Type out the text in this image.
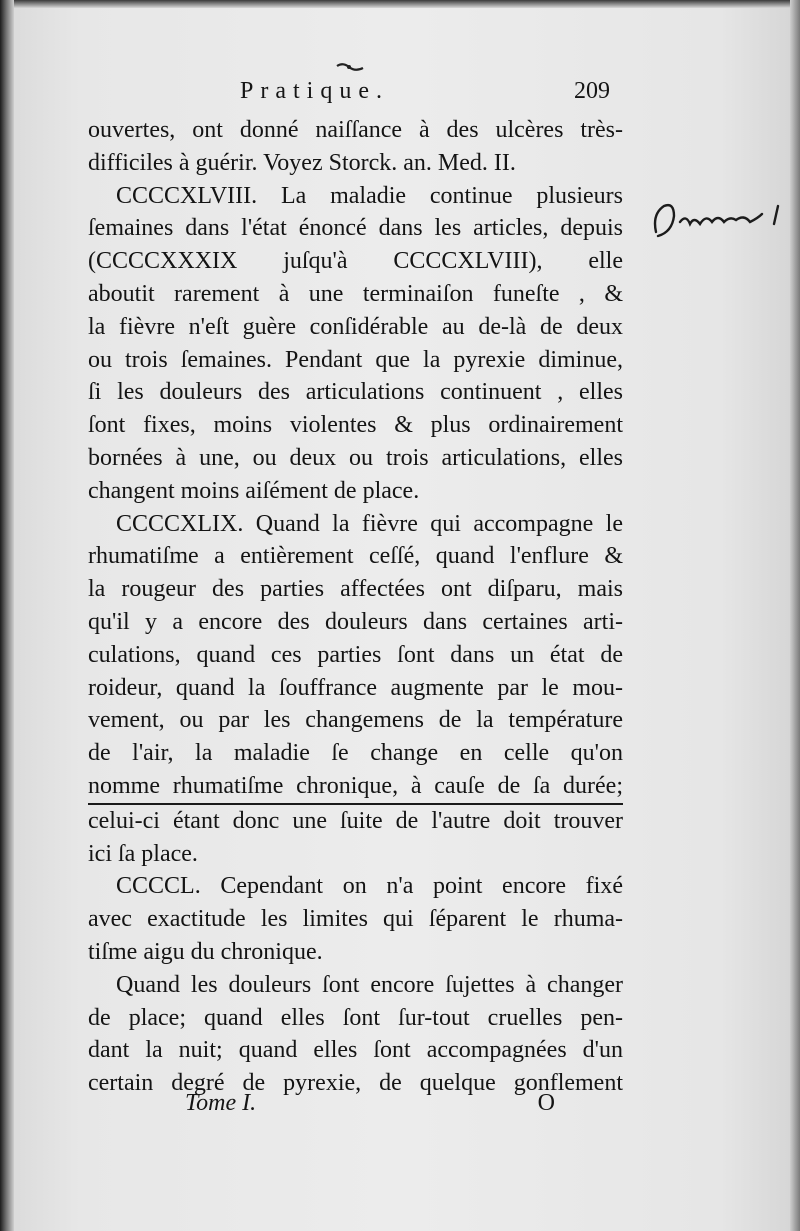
Pratique.	209
ouvertes, ont donné naiſſance à des ulcères très-
difficiles à guérir. Voyez Storck. an. Med. II.
CCCCXLVIII. La maladie continue plusieurs
ſemaines dans l'état énoncé dans les articles, depuis
(CCCCXXXIX juſqu'à CCCCXLVIII), elle
aboutit rarement à une terminaiſon funeſte , &
la fièvre n'eſt guère conſidérable au de-là de deux
ou trois ſemaines. Pendant que la pyrexie diminue,
ſi les douleurs des articulations continuent , elles
ſont fixes, moins violentes & plus ordinairement
bornées à une, ou deux ou trois articulations, elles
changent moins aiſément de place.
CCCCXLIX. Quand la fièvre qui accompagne le
rhumatiſme a entièrement ceſſé, quand l'enflure &
la rougeur des parties affectées ont diſparu, mais
qu'il y a encore des douleurs dans certaines arti-
culations, quand ces parties ſont dans un état de
roideur, quand la ſouffrance augmente par le mou-
vement, ou par les changemens de la température
de l'air, la maladie ſe change en celle qu'on
nomme rhumatiſme chronique, à cauſe de ſa durée;
celui-ci étant donc une ſuite de l'autre doit trouver
ici ſa place.
CCCCL. Cependant on n'a point encore fixé
avec exactitude les limites qui ſéparent le rhuma-
tiſme aigu du chronique.
Quand les douleurs ſont encore ſujettes à changer
de place; quand elles ſont ſur-tout cruelles pen-
dant la nuit; quand elles ſont accompagnées d'un
certain degré de pyrexie, de quelque gonflement
Tome I.	O
